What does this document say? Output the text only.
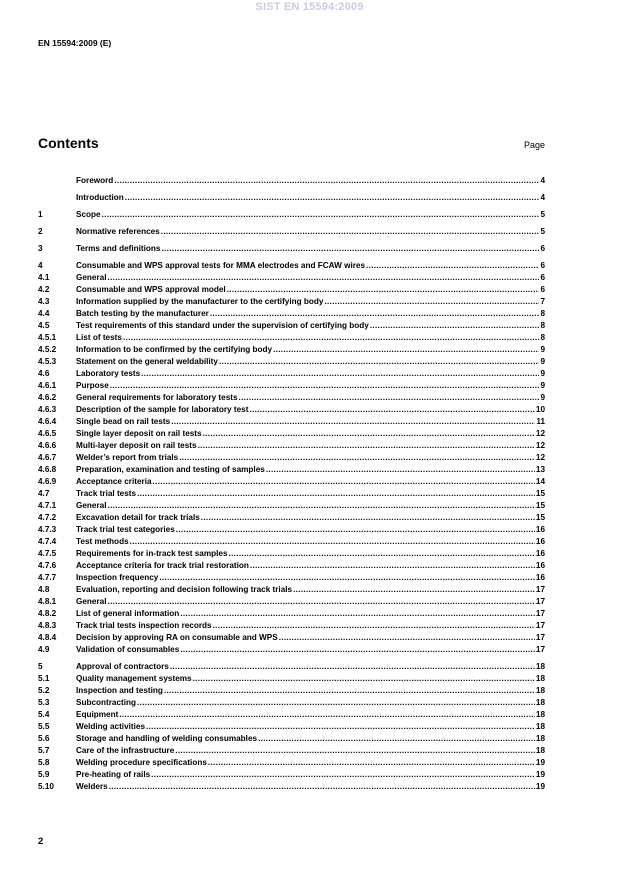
SIST EN 15594:2009
EN 15594:2009 (E)
Contents	Page
Foreword .....	4
Introduction .....	4
1	Scope .....	5
2	Normative references .....	5
3	Terms and definitions .....	6
4	Consumable and WPS approval tests for MMA electrodes and FCAW wires .....	6
4.1	General .....	6
4.2	Consumable and WPS approval model .....	6
4.3	Information supplied by the manufacturer to the certifying body .....	7
4.4	Batch testing by the manufacturer .....	8
4.5	Test requirements of this standard under the supervision of certifying body .....	8
4.5.1	List of tests .....	8
4.5.2	Information to be confirmed by the certifying body .....	9
4.5.3	Statement on the general weldability .....	9
4.6	Laboratory tests .....	9
4.6.1	Purpose .....	9
4.6.2	General requirements for laboratory tests .....	9
4.6.3	Description of the sample for laboratory test .....	10
4.6.4	Single bead on rail tests .....	11
4.6.5	Single layer deposit on rail tests .....	12
4.6.6	Multi-layer deposit on rail tests .....	12
4.6.7	Welder’s report from trials .....	12
4.6.8	Preparation, examination and testing of samples .....	13
4.6.9	Acceptance criteria .....	14
4.7	Track trial tests .....	15
4.7.1	General .....	15
4.7.2	Excavation detail for track trials .....	15
4.7.3	Track trial test categories .....	16
4.7.4	Test methods .....	16
4.7.5	Requirements for in-track test samples .....	16
4.7.6	Acceptance criteria for track trial restoration .....	16
4.7.7	Inspection frequency .....	16
4.8	Evaluation, reporting and decision following track trials .....	17
4.8.1	General .....	17
4.8.2	List of general information .....	17
4.8.3	Track trial tests inspection records .....	17
4.8.4	Decision by approving RA on consumable and WPS .....	17
4.9	Validation of consumables .....	17
5	Approval of contractors .....	18
5.1	Quality management systems .....	18
5.2	Inspection and testing .....	18
5.3	Subcontracting .....	18
5.4	Equipment .....	18
5.5	Welding activities .....	18
5.6	Storage and handling of welding consumables .....	18
5.7	Care of the infrastructure .....	18
5.8	Welding procedure specifications .....	19
5.9	Pre-heating of rails .....	19
5.10	Welders .....	19
2
